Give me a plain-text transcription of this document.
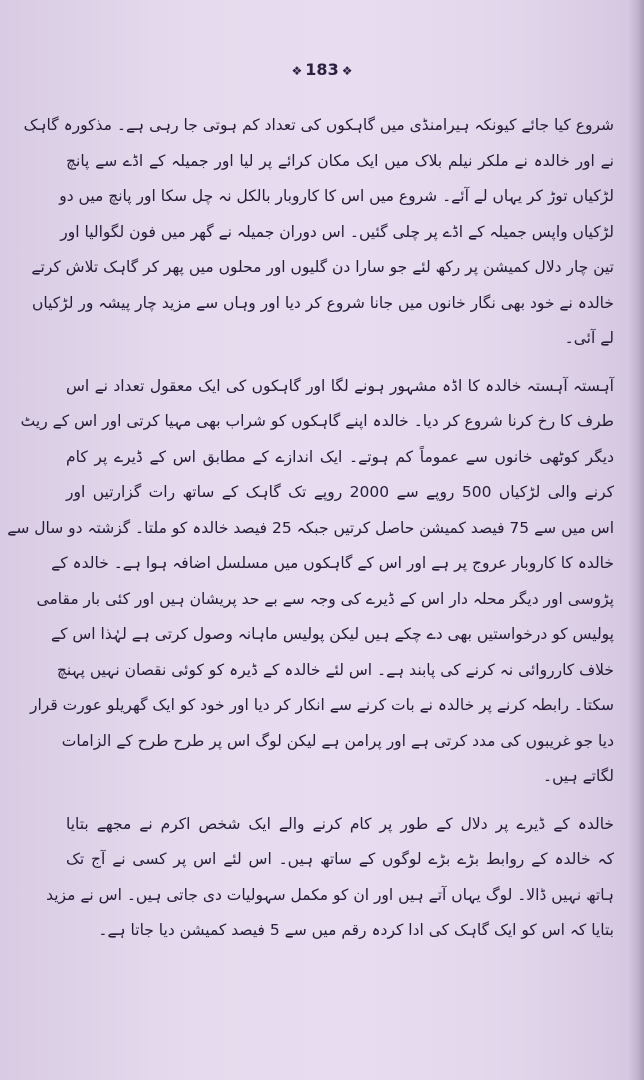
❖ 183 ❖
شروع کیا جائے کیونکہ ہیرامنڈی میں گاہکوں کی تعداد کم ہوتی جا رہی ہے۔ مذکورہ گاہک
نے اور خالدہ نے ملکر نیلم بلاک میں ایک مکان کرائے پر لیا اور جمیلہ کے اڈے سے پانچ
لڑکیاں توڑ کر یہاں لے آئے۔ شروع میں اس کا کاروبار بالکل نہ چل سکا اور پانچ میں دو
لڑکیاں واپس جمیلہ کے اڈے پر چلی گئیں۔ اس دوران جمیلہ نے گھر میں فون لگوالیا اور
تین چار دلال کمیشن پر رکھ لئے جو سارا دن گلیوں اور محلوں میں پھر کر گاہک تلاش کرتے
خالدہ نے خود بھی نگار خانوں میں جانا شروع کر دیا اور وہاں سے مزید چار پیشہ ور لڑکیاں
لے آئی۔
آہستہ آہستہ خالدہ کا اڈہ مشہور ہونے لگا اور گاہکوں کی ایک معقول تعداد نے اس
طرف کا رخ کرنا شروع کر دیا۔ خالدہ اپنے گاہکوں کو شراب بھی مہیا کرتی اور اس کے ریٹ
دیگر کوٹھی خانوں سے عموماً کم ہوتے۔ ایک اندازے کے مطابق اس کے ڈیرے پر کام
کرنے والی لڑکیاں 500 روپے سے 2000 روپے تک گاہک کے ساتھ رات گزارتیں اور
اس میں سے 75 فیصد کمیشن حاصل کرتیں جبکہ 25 فیصد خالدہ کو ملتا۔ گزشتہ دو سال سے
خالدہ کا کاروبار عروج پر ہے اور اس کے گاہکوں میں مسلسل اضافہ ہوا ہے۔ خالدہ کے
پڑوسی اور دیگر محلہ دار اس کے ڈیرے کی وجہ سے بے حد پریشان ہیں اور کئی بار مقامی
پولیس کو درخواستیں بھی دے چکے ہیں لیکن پولیس ماہانہ وصول کرتی ہے لہٰذا اس کے
خلاف کارروائی نہ کرنے کی پابند ہے۔ اس لئے خالدہ کے ڈیرہ کو کوئی نقصان نہیں پہنچ
سکتا۔ رابطہ کرنے پر خالدہ نے بات کرنے سے انکار کر دیا اور خود کو ایک گھریلو عورت قرار
دیا جو غریبوں کی مدد کرتی ہے اور پرامن ہے لیکن لوگ اس پر طرح طرح کے الزامات
لگاتے ہیں۔
خالدہ کے ڈیرے پر دلال کے طور پر کام کرنے والے ایک شخص اکرم نے مجھے بتایا
کہ خالدہ کے روابط بڑے بڑے لوگوں کے ساتھ ہیں۔ اس لئے اس پر کسی نے آج تک
ہاتھ نہیں ڈالا۔ لوگ یہاں آتے ہیں اور ان کو مکمل سہولیات دی جاتی ہیں۔ اس نے مزید
بتایا کہ اس کو ایک گاہک کی ادا کردہ رقم میں سے 5 فیصد کمیشن دیا جاتا ہے۔
